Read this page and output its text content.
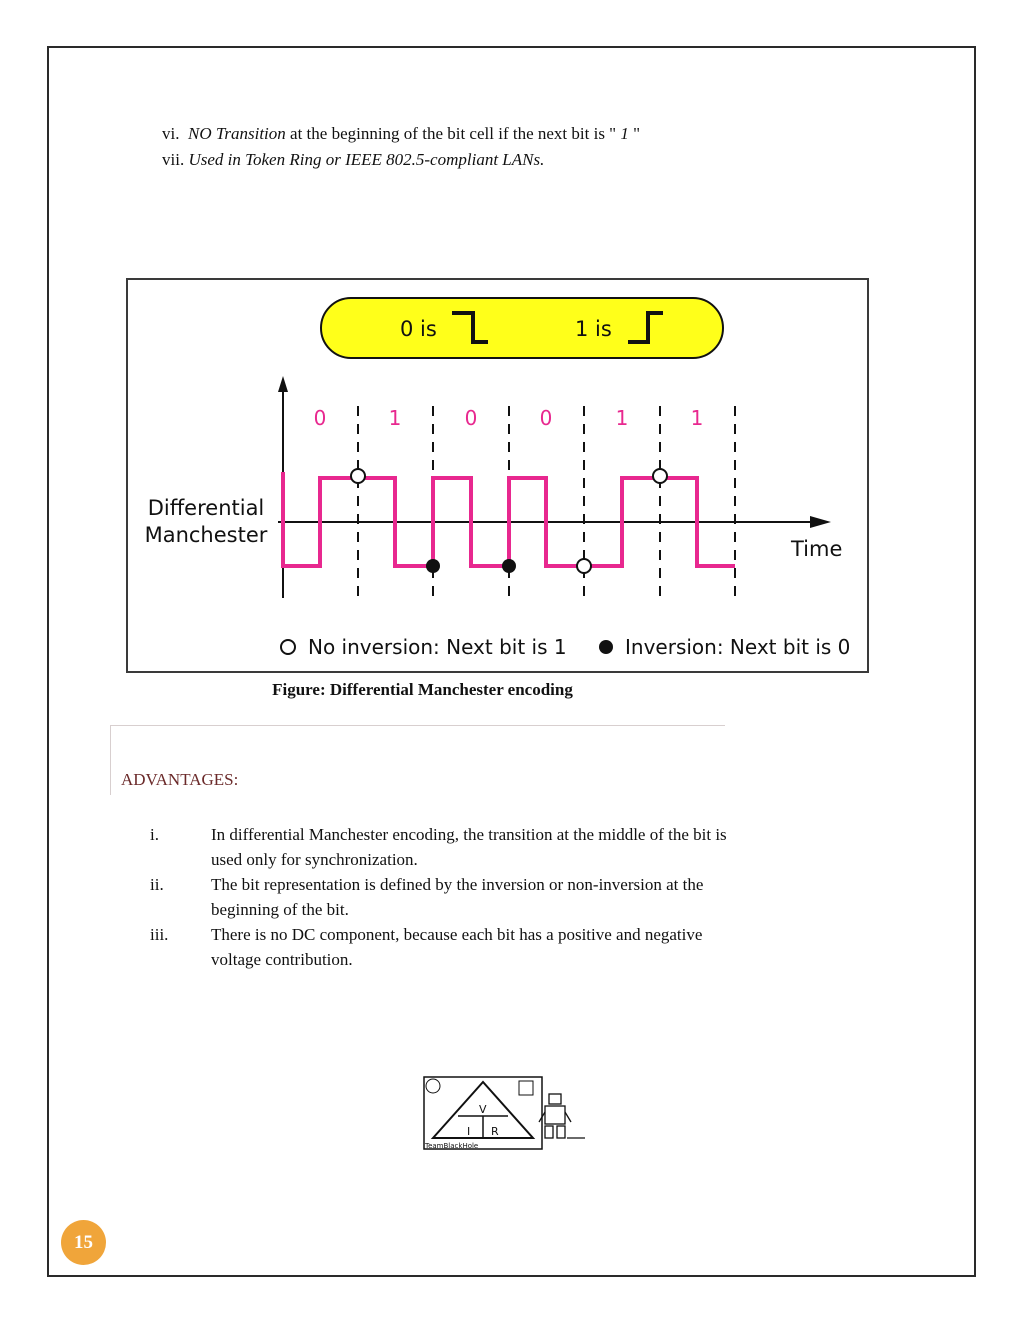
vi. NO Transition at the beginning of the bit cell if the next bit is " 1 "
vii. Used in Token Ring or IEEE 802.5-compliant LANs.
0 is	1 is
0	1	0	0	1	1
Differential
Manchester
Time
No inversion: Next bit is 1	Inversion: Next bit is 0
Figure: Differential Manchester encoding
ADVANTAGES:
i.	In differential Manchester encoding, the transition at the middle of the bit is used only for synchronization.
ii.	The bit representation is defined by the inversion or non-inversion at the beginning of the bit.
iii.	There is no DC component, because each bit has a positive and negative voltage contribution.
V
I R
TeamBlackHole
15
